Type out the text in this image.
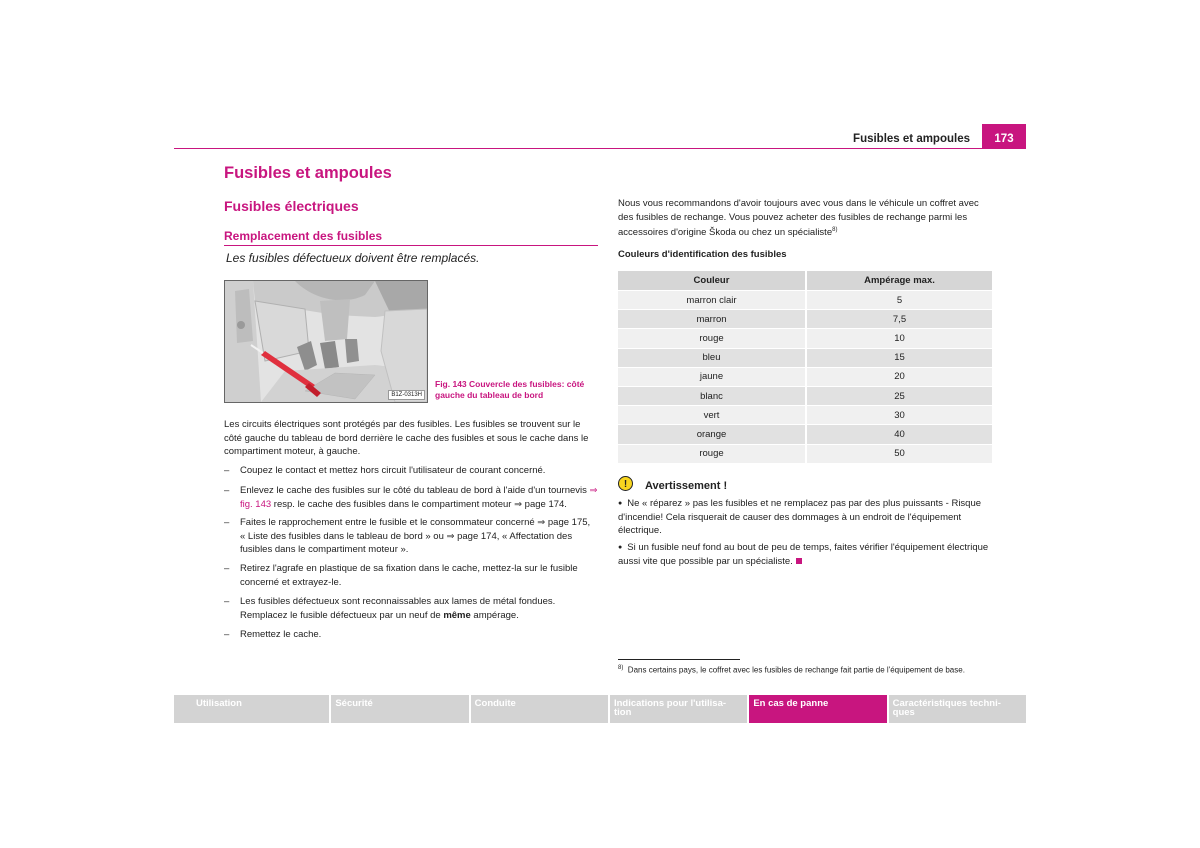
Fusibles et ampoules	173
Fusibles et ampoules
Fusibles électriques
Remplacement des fusibles
Les fusibles défectueux doivent être remplacés.
B1Z-0313H
Fig. 143 Couvercle des fusibles: côté gauche du tableau de bord
Les circuits électriques sont protégés par des fusibles. Les fusibles se trouvent sur le côté gauche du tableau de bord derrière le cache des fusibles et sous le cache dans le compartiment moteur, à gauche.
–	Coupez le contact et mettez hors circuit l'utilisateur de courant concerné.
–	Enlevez le cache des fusibles sur le côté du tableau de bord à l'aide d'un tournevis ⇒ fig. 143 resp. le cache des fusibles dans le compartiment moteur ⇒ page 174.
–	Faites le rapprochement entre le fusible et le consommateur concerné ⇒ page 175, « Liste des fusibles dans le tableau de bord » ou ⇒ page 174, « Affectation des fusibles dans le compartiment moteur ».
–	Retirez l'agrafe en plastique de sa fixation dans le cache, mettez-la sur le fusible concerné et extrayez-le.
–	Les fusibles défectueux sont reconnaissables aux lames de métal fondues. Remplacez le fusible défectueux par un neuf de même ampérage.
–	Remettez le cache.
Nous vous recommandons d'avoir toujours avec vous dans le véhicule un coffret avec des fusibles de rechange. Vous pouvez acheter des fusibles de rechange parmi les accessoires d'origine Škoda ou chez un spécialiste$^{8)}$
Couleurs d'identification des fusibles
Couleur	Ampérage max.
marron clair	5
marron	7,5
rouge	10
bleu	15
jaune	20
blanc	25
vert	30
orange	40
rouge	50
!	Avertissement !
● Ne « réparez » pas les fusibles et ne remplacez pas par des plus puissants - Risque d'incendie! Cela risquerait de causer des dommages à un endroit de l'équipement électrique.
● Si un fusible neuf fond au bout de peu de temps, faites vérifier l'équipement électrique aussi vite que possible par un spécialiste.
$^{8)}$ Dans certains pays, le coffret avec les fusibles de rechange fait partie de l'équipement de base.
Utilisation	Sécurité	Conduite	Indications pour l'utilisa-
tion
En cas de panne	Caractéristiques techni-
ques
